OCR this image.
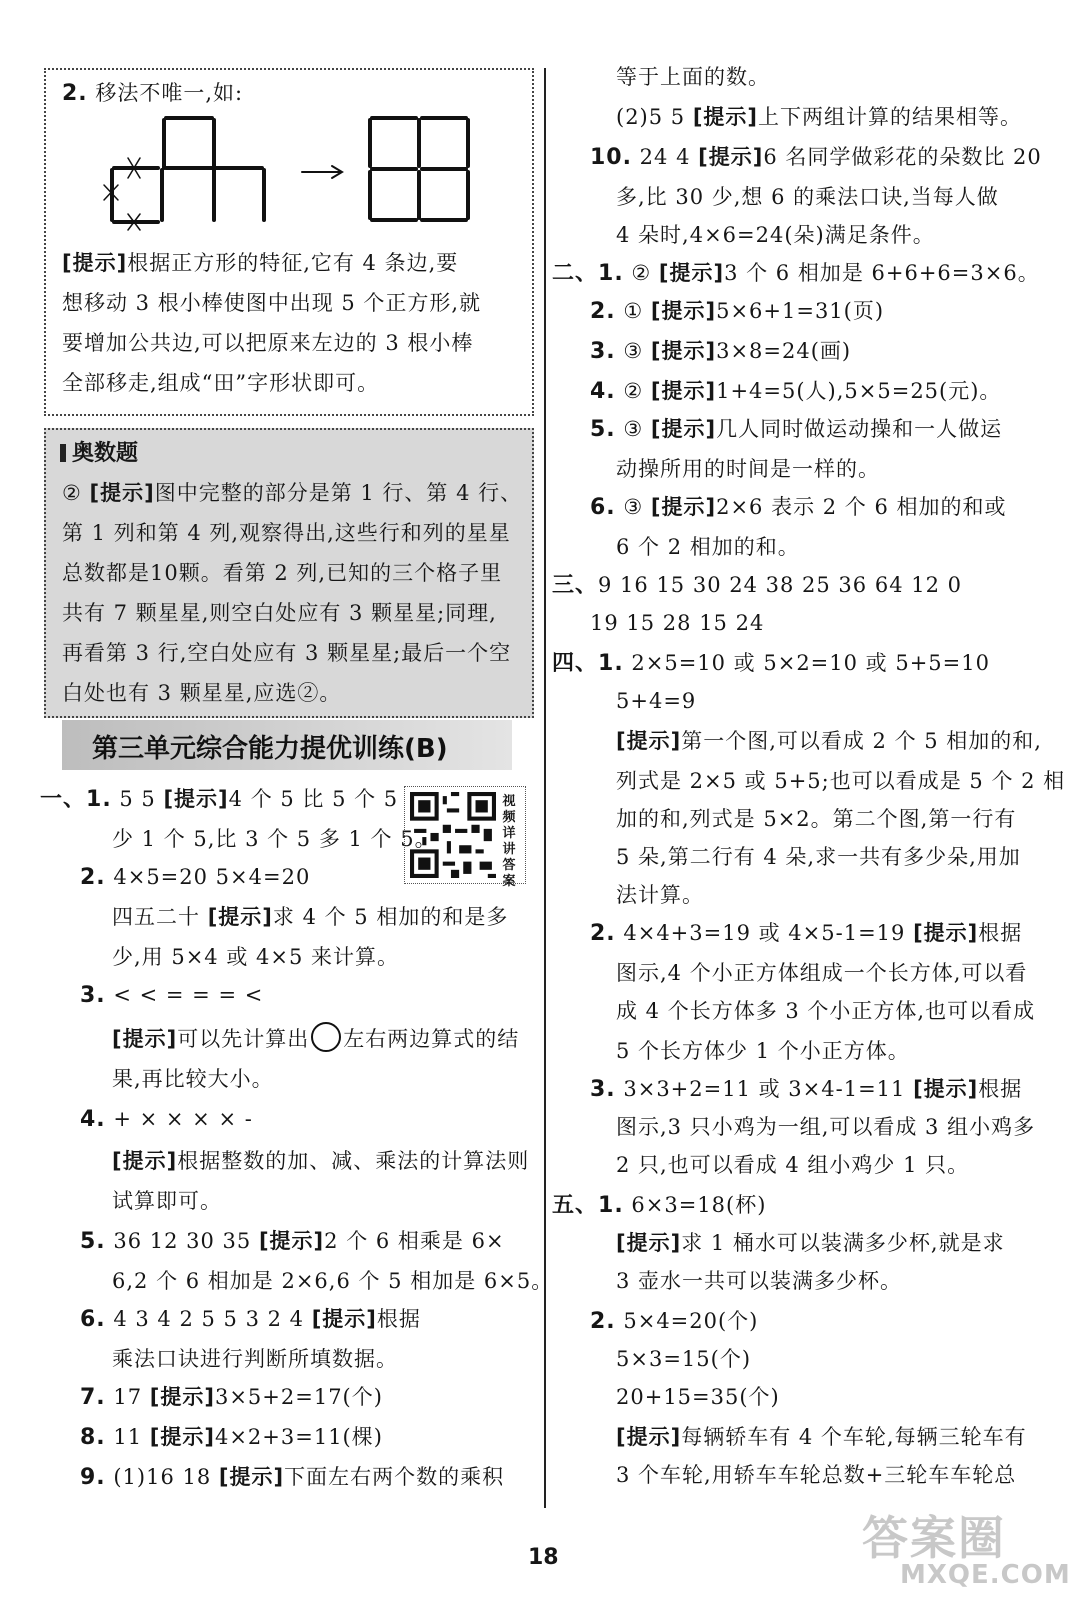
2. 移法不唯一,如:
[提示]根据正方形的特征,它有 4 条边,要
想移动 3 根小棒使图中出现 5 个正方形,就
要增加公共边,可以把原来左边的 3 根小棒
全部移走,组成“田”字形状即可。
奥数题
② [提示]图中完整的部分是第 1 行、第 4 行、
第 1 列和第 4 列,观察得出,这些行和列的星星
总数都是10颗。看第 2 列,已知的三个格子里
共有 7 颗星星,则空白处应有 3 颗星星;同理,
再看第 3 行,空白处应有 3 颗星星;最后一个空
白处也有 3 颗星星,应选②。
第三单元综合能力提优训练(B)
视频详讲答案
一、1. 5 5 [提示]4 个 5 比 5 个 5
少 1 个 5,比 3 个 5 多 1 个 5。
2. 4×5=20 5×4=20
四五二十 [提示]求 4 个 5 相加的和是多
少,用 5×4 或 4×5 来计算。
3. < < = = = <
[提示]可以先计算出 左右两边算式的结
果,再比较大小。
4. + × × × × -
[提示]根据整数的加、减、乘法的计算法则
试算即可。
5. 36 12 30 35 [提示]2 个 6 相乘是 6×
6,2 个 6 相加是 2×6,6 个 5 相加是 6×5。
6. 4 3 4 2 5 5 3 2 4 [提示]根据
乘法口诀进行判断所填数据。
7. 17 [提示]3×5+2=17(个)
8. 11 [提示]4×2+3=11(棵)
9. (1)16 18 [提示]下面左右两个数的乘积
等于上面的数。
(2)5 5 [提示]上下两组计算的结果相等。
10. 24 4 [提示]6 名同学做彩花的朵数比 20
多,比 30 少,想 6 的乘法口诀,当每人做
4 朵时,4×6=24(朵)满足条件。
二、1. ② [提示]3 个 6 相加是 6+6+6=3×6。
2. ① [提示]5×6+1=31(页)
3. ③ [提示]3×8=24(画)
4. ② [提示]1+4=5(人),5×5=25(元)。
5. ③ [提示]几人同时做运动操和一人做运
动操所用的时间是一样的。
6. ③ [提示]2×6 表示 2 个 6 相加的和或
6 个 2 相加的和。
三、9 16 15 30 24 38 25 36 64 12 0
19 15 28 15 24
四、1. 2×5=10 或 5×2=10 或 5+5=10
5+4=9
[提示]第一个图,可以看成 2 个 5 相加的和,
列式是 2×5 或 5+5;也可以看成是 5 个 2 相
加的和,列式是 5×2。第二个图,第一行有
5 朵,第二行有 4 朵,求一共有多少朵,用加
法计算。
2. 4×4+3=19 或 4×5-1=19 [提示]根据
图示,4 个小正方体组成一个长方体,可以看
成 4 个长方体多 3 个小正方体,也可以看成
5 个长方体少 1 个小正方体。
3. 3×3+2=11 或 3×4-1=11 [提示]根据
图示,3 只小鸡为一组,可以看成 3 组小鸡多
2 只,也可以看成 4 组小鸡少 1 只。
五、1. 6×3=18(杯)
[提示]求 1 桶水可以装满多少杯,就是求
3 壶水一共可以装满多少杯。
2. 5×4=20(个)
5×3=15(个)
20+15=35(个)
[提示]每辆轿车有 4 个车轮,每辆三轮车有
3 个车轮,用轿车车轮总数+三轮车车轮总
18	答案圈
MXQE.COM
